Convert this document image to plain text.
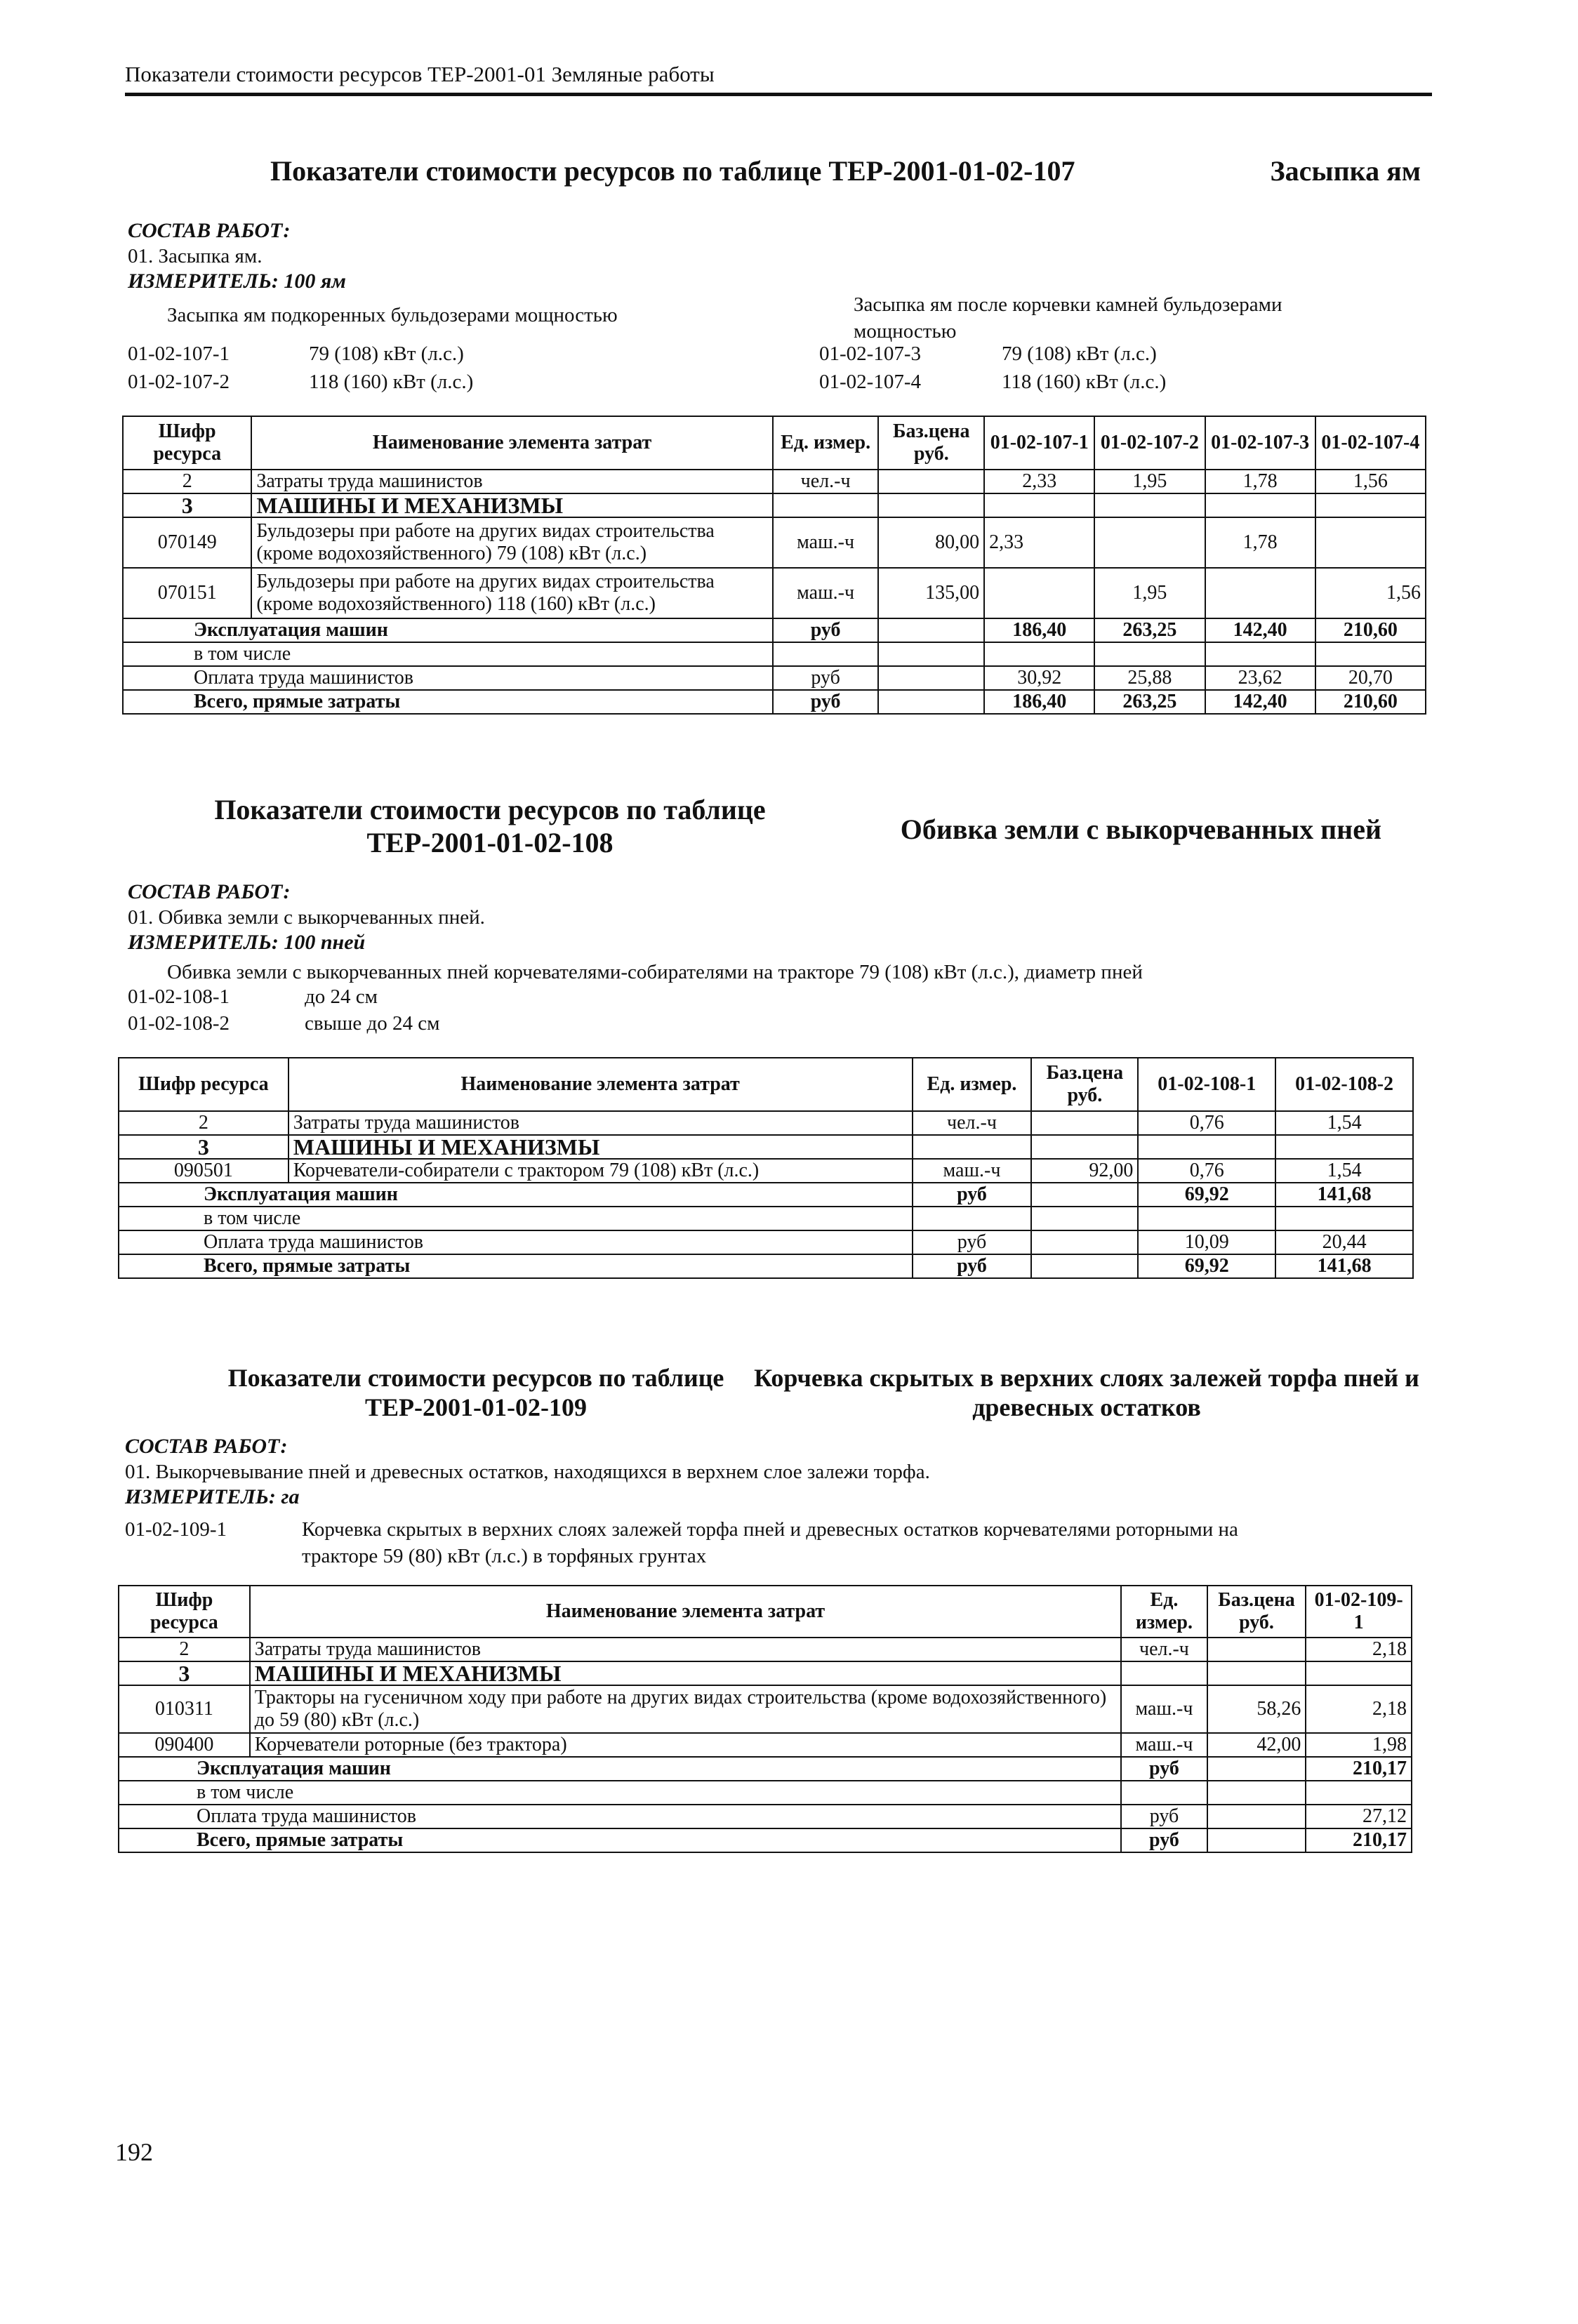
Показатели стоимости ресурсов ТЕР-2001-01 Земляные работы
Показатели стоимости ресурсов по таблице ТЕР-2001-01-02-107	Засыпка ям
СОСТАВ РАБОТ:
01. Засыпка ям.
ИЗМЕРИТЕЛЬ: 100 ям
Засыпка ям подкоренных бульдозерами мощностью	Засыпка ям после корчевки камней бульдозерами мощностью
01-02-107-1	79 (108) кВт (л.с.)	01-02-107-3	79 (108) кВт (л.с.)
01-02-107-2	118 (160) кВт (л.с.)	01-02-107-4	118 (160) кВт (л.с.)
Шифр ресурса	Наименование элемента затрат	Ед. измер.	Баз.цена руб.	01-02-107-1	01-02-107-2	01-02-107-3	01-02-107-4
2	Затраты труда машинистов	чел.-ч		2,33	1,95	1,78	1,56
3	МАШИНЫ И МЕХАНИЗМЫ						
070149	Бульдозеры при работе на других видах строительства (кроме водохозяйственного) 79 (108) кВт (л.с.)	маш.-ч	80,00	2,33		1,78	
070151	Бульдозеры при работе на других видах строительства (кроме водохозяйственного) 118 (160) кВт (л.с.)	маш.-ч	135,00		1,95		1,56
Эксплуатация машин		руб		186,40	263,25	142,40	210,60
в том числе							
Оплата труда машинистов		руб		30,92	25,88	23,62	20,70
Всего, прямые затраты		руб		186,40	263,25	142,40	210,60
Показатели стоимости ресурсов по таблице
ТЕР-2001-01-02-108	Обивка земли с выкорчеванных пней
СОСТАВ РАБОТ:
01. Обивка земли с выкорчеванных пней.
ИЗМЕРИТЕЛЬ: 100 пней
Обивка земли с выкорчеванных пней корчевателями-собирателями на тракторе 79 (108) кВт (л.с.), диаметр пней
01-02-108-1	до 24 см
01-02-108-2	свыше до 24 см
Шифр ресурса	Наименование элемента затрат	Ед. измер.	Баз.цена руб.	01-02-108-1	01-02-108-2
2	Затраты труда машинистов	чел.-ч		0,76	1,54
3	МАШИНЫ И МЕХАНИЗМЫ				
090501	Корчеватели-собиратели с трактором 79 (108) кВт (л.с.)	маш.-ч	92,00	0,76	1,54
Эксплуатация машин		руб		69,92	141,68
в том числе					
Оплата труда машинистов		руб		10,09	20,44
Всего, прямые затраты		руб		69,92	141,68
Показатели стоимости ресурсов по таблице
ТЕР-2001-01-02-109
Корчевка скрытых в верхних слоях залежей торфа пней и
древесных остатков
СОСТАВ РАБОТ:
01. Выкорчевывание пней и древесных остатков, находящихся в верхнем слое залежи торфа.
ИЗМЕРИТЕЛЬ: га
01-02-109-1	Корчевка скрытых в верхних слоях залежей торфа пней и древесных остатков корчевателями роторными на
тракторе 59 (80) кВт (л.с.) в торфяных грунтах
Шифр ресурса	Наименование элемента затрат	Ед. измер.	Баз.цена руб.	01-02-109-1
2	Затраты труда машинистов	чел.-ч		2,18
3	МАШИНЫ И МЕХАНИЗМЫ			
010311	Тракторы на гусеничном ходу при работе на других видах строительства (кроме водохозяйственного) до 59 (80) кВт (л.с.)	маш.-ч	58,26	2,18
090400	Корчеватели роторные (без трактора)	маш.-ч	42,00	1,98
Эксплуатация машин		руб		210,17
в том числе				
Оплата труда машинистов		руб		27,12
Всего, прямые затраты		руб		210,17
192
